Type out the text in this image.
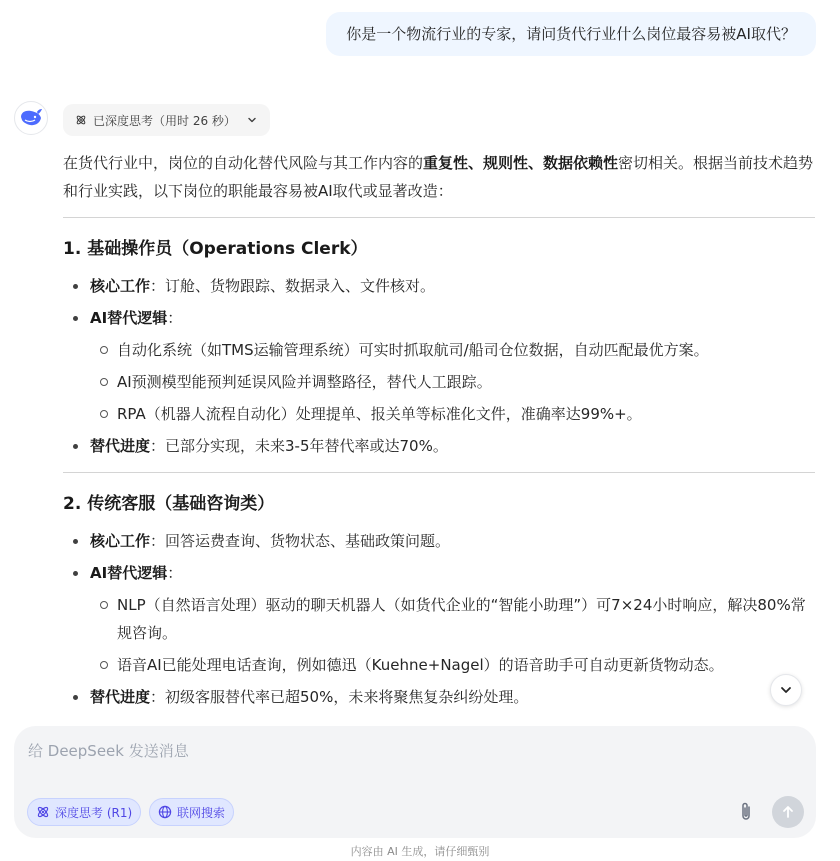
你是一个物流行业的专家，请问货代行业什么岗位最容易被AI取代？
已深度思考（用时 26 秒）

在货代行业中，岗位的自动化替代风险与其工作内容的重复性、规则性、数据依赖性密切相关。根据当前技术趋势和行业实践，以下岗位的职能最容易被AI取代或显著改造：

1. 基础操作员（Operations Clerk）
核心工作：订舱、货物跟踪、数据录入、文件核对。
AI替代逻辑：
自动化系统（如TMS运输管理系统）可实时抓取航司/船司仓位数据，自动匹配最优方案。
AI预测模型能预判延误风险并调整路径，替代人工跟踪。
RPA（机器人流程自动化）处理提单、报关单等标准化文件，准确率达99%+。
替代进度：已部分实现，未来3-5年替代率或达70%。
2. 传统客服（基础咨询类）
核心工作：回答运费查询、货物状态、基础政策问题。
AI替代逻辑：
NLP（自然语言处理）驱动的聊天机器人（如货代企业的“智能小助理”）可7×24小时响应，解决80%常规咨询。
语音AI已能处理电话查询，例如德迅（Kuehne+Nagel）的语音助手可自动更新货物动态。
替代进度：初级客服替代率已超50%，未来将聚焦复杂纠纷处理。
给 DeepSeek 发送消息
深度思考 (R1)	联网搜索
内容由 AI 生成，请仔细甄别
